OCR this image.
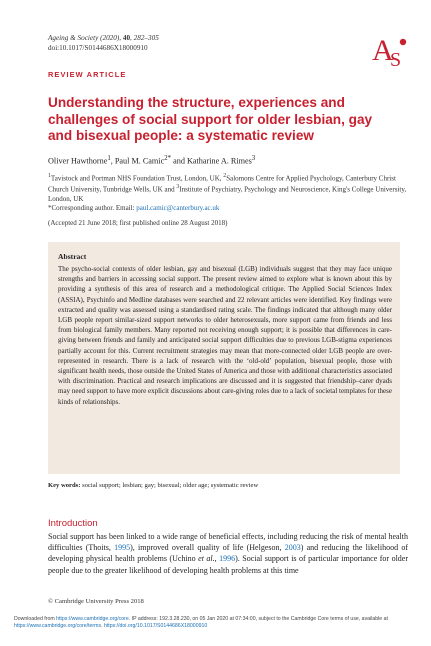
Ageing & Society (2020), 40, 282–305
doi:10.1017/S0144686X18000910	A
S
REVIEW ARTICLE
Understanding the structure, experiences and challenges of social support for older lesbian, gay and bisexual people: a systematic review
Oliver Hawthorne$^1$, Paul M. Camic$^{2*}$ and Katharine A. Rimes$^3$
$^1$Tavistock and Portman NHS Foundation Trust, London, UK, $^2$Salomons Centre for Applied Psychology, Canterbury Christ Church University, Tunbridge Wells, UK and $^3$Institute of Psychiatry, Psychology and Neuroscience, King's College University, London, UK
*Corresponding author. Email: paul.camic@canterbury.ac.uk
(Accepted 21 June 2018; first published online 28 August 2018)
Abstract
The psycho-social contexts of older lesbian, gay and bisexual (LGB) individuals suggest that they may face unique strengths and barriers in accessing social support. The present review aimed to explore what is known about this by providing a synthesis of this area of research and a methodological critique. The Applied Social Sciences Index (ASSIA), Psychinfo and Medline databases were searched and 22 relevant articles were identified. Key findings were extracted and quality was assessed using a standardised rating scale. The findings indicated that although many older LGB people report similar-sized support networks to older heterosexuals, more support came from friends and less from biological family members. Many reported not receiving enough support; it is possible that differences in care-giving between friends and family and anticipated social support difficulties due to previous LGB-stigma experiences partially account for this. Current recruitment strategies may mean that more-connected older LGB people are over-represented in research. There is a lack of research with the ‘old-old’ population, bisexual people, those with significant health needs, those outside the United States of America and those with additional characteristics associated with discrimination. Practical and research implications are discussed and it is suggested that friendship–carer dyads may need support to have more explicit discussions about care-giving roles due to a lack of societal templates for these kinds of relationships.
Key words: social support; lesbian; gay; bisexual; older age; systematic review
Introduction
Social support has been linked to a wide range of beneficial effects, including reducing the risk of mental health difficulties (Thoits, 1995), improved overall quality of life (Helgeson, 2003) and reducing the likelihood of developing physical health problems (Uchino et al., 1996). Social support is of particular importance for older people due to the greater likelihood of developing health problems at this time
© Cambridge University Press 2018
Downloaded from https://www.cambridge.org/core. IP address: 192.3.28.230, on 05 Jan 2020 at 07:34:00, subject to the Cambridge Core terms of use, available at https://www.cambridge.org/core/terms. https://doi.org/10.1017/S0144686X18000910
